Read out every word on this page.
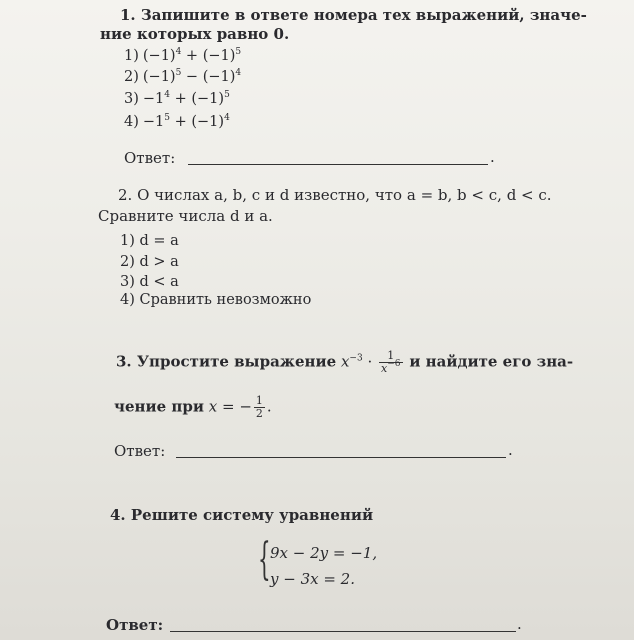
1. Запишите в ответе номера тех выражений, значе-
ние которых равно 0.
1) $(-1)^4 + (-1)^5$
2) $(-1)^5 - (-1)^4$
$3) -1^4 + (-1)^5$
$4) -1^5 + (-1)^4$
Ответ:	.
2. О числах a, b, c и d известно, что a = b, b < c, d < c.
Сравните числа d и a.
1) d = a
2) d > a
3) d < a
4) Сравнить невозможно
3. Упростите выражение $x^{-3} \cdot \frac{1}{x^{-6}}$ и найдите его зна-
чение при x = − $\frac{1}{2}$ .
Ответ:	.
4. Решите систему уравнений
{ 9x − 2y = −1,
y − 3x = 2.
Ответ:	.
